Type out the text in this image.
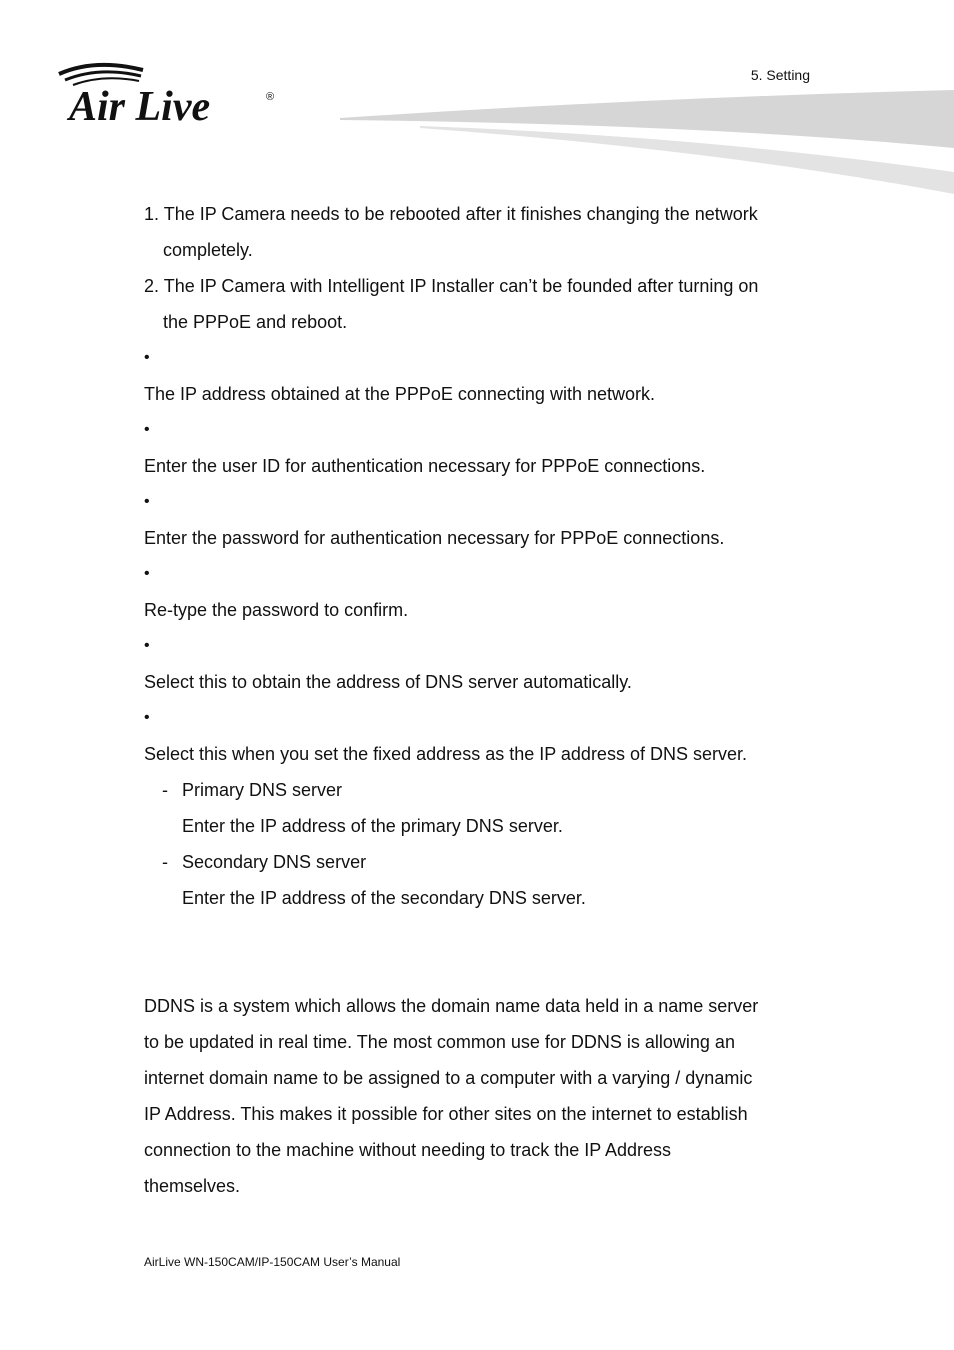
5. Setting
Air Live	®
1. The IP Camera needs to be rebooted after it finishes changing the network
completely.
2. The IP Camera with Intelligent IP Installer can’t be founded after turning on
the PPPoE and reboot.
•
The IP address obtained at the PPPoE connecting with network.
•
Enter the user ID for authentication necessary for PPPoE connections.
•
Enter the password for authentication necessary for PPPoE connections.
•
Re-type the password to confirm.
•
Select this to obtain the address of DNS server automatically.
•
Select this when you set the fixed address as the IP address of DNS server.
- Primary DNS server
Enter the IP address of the primary DNS server.
- Secondary DNS server
Enter the IP address of the secondary DNS server.
DDNS is a system which allows the domain name data held in a name server
to be updated in real time. The most common use for DDNS is allowing an
internet domain name to be assigned to a computer with a varying / dynamic
IP Address. This makes it possible for other sites on the internet to establish
connection to the machine without needing to track the IP Address
themselves.
AirLive WN-150CAM/IP-150CAM User’s Manual
